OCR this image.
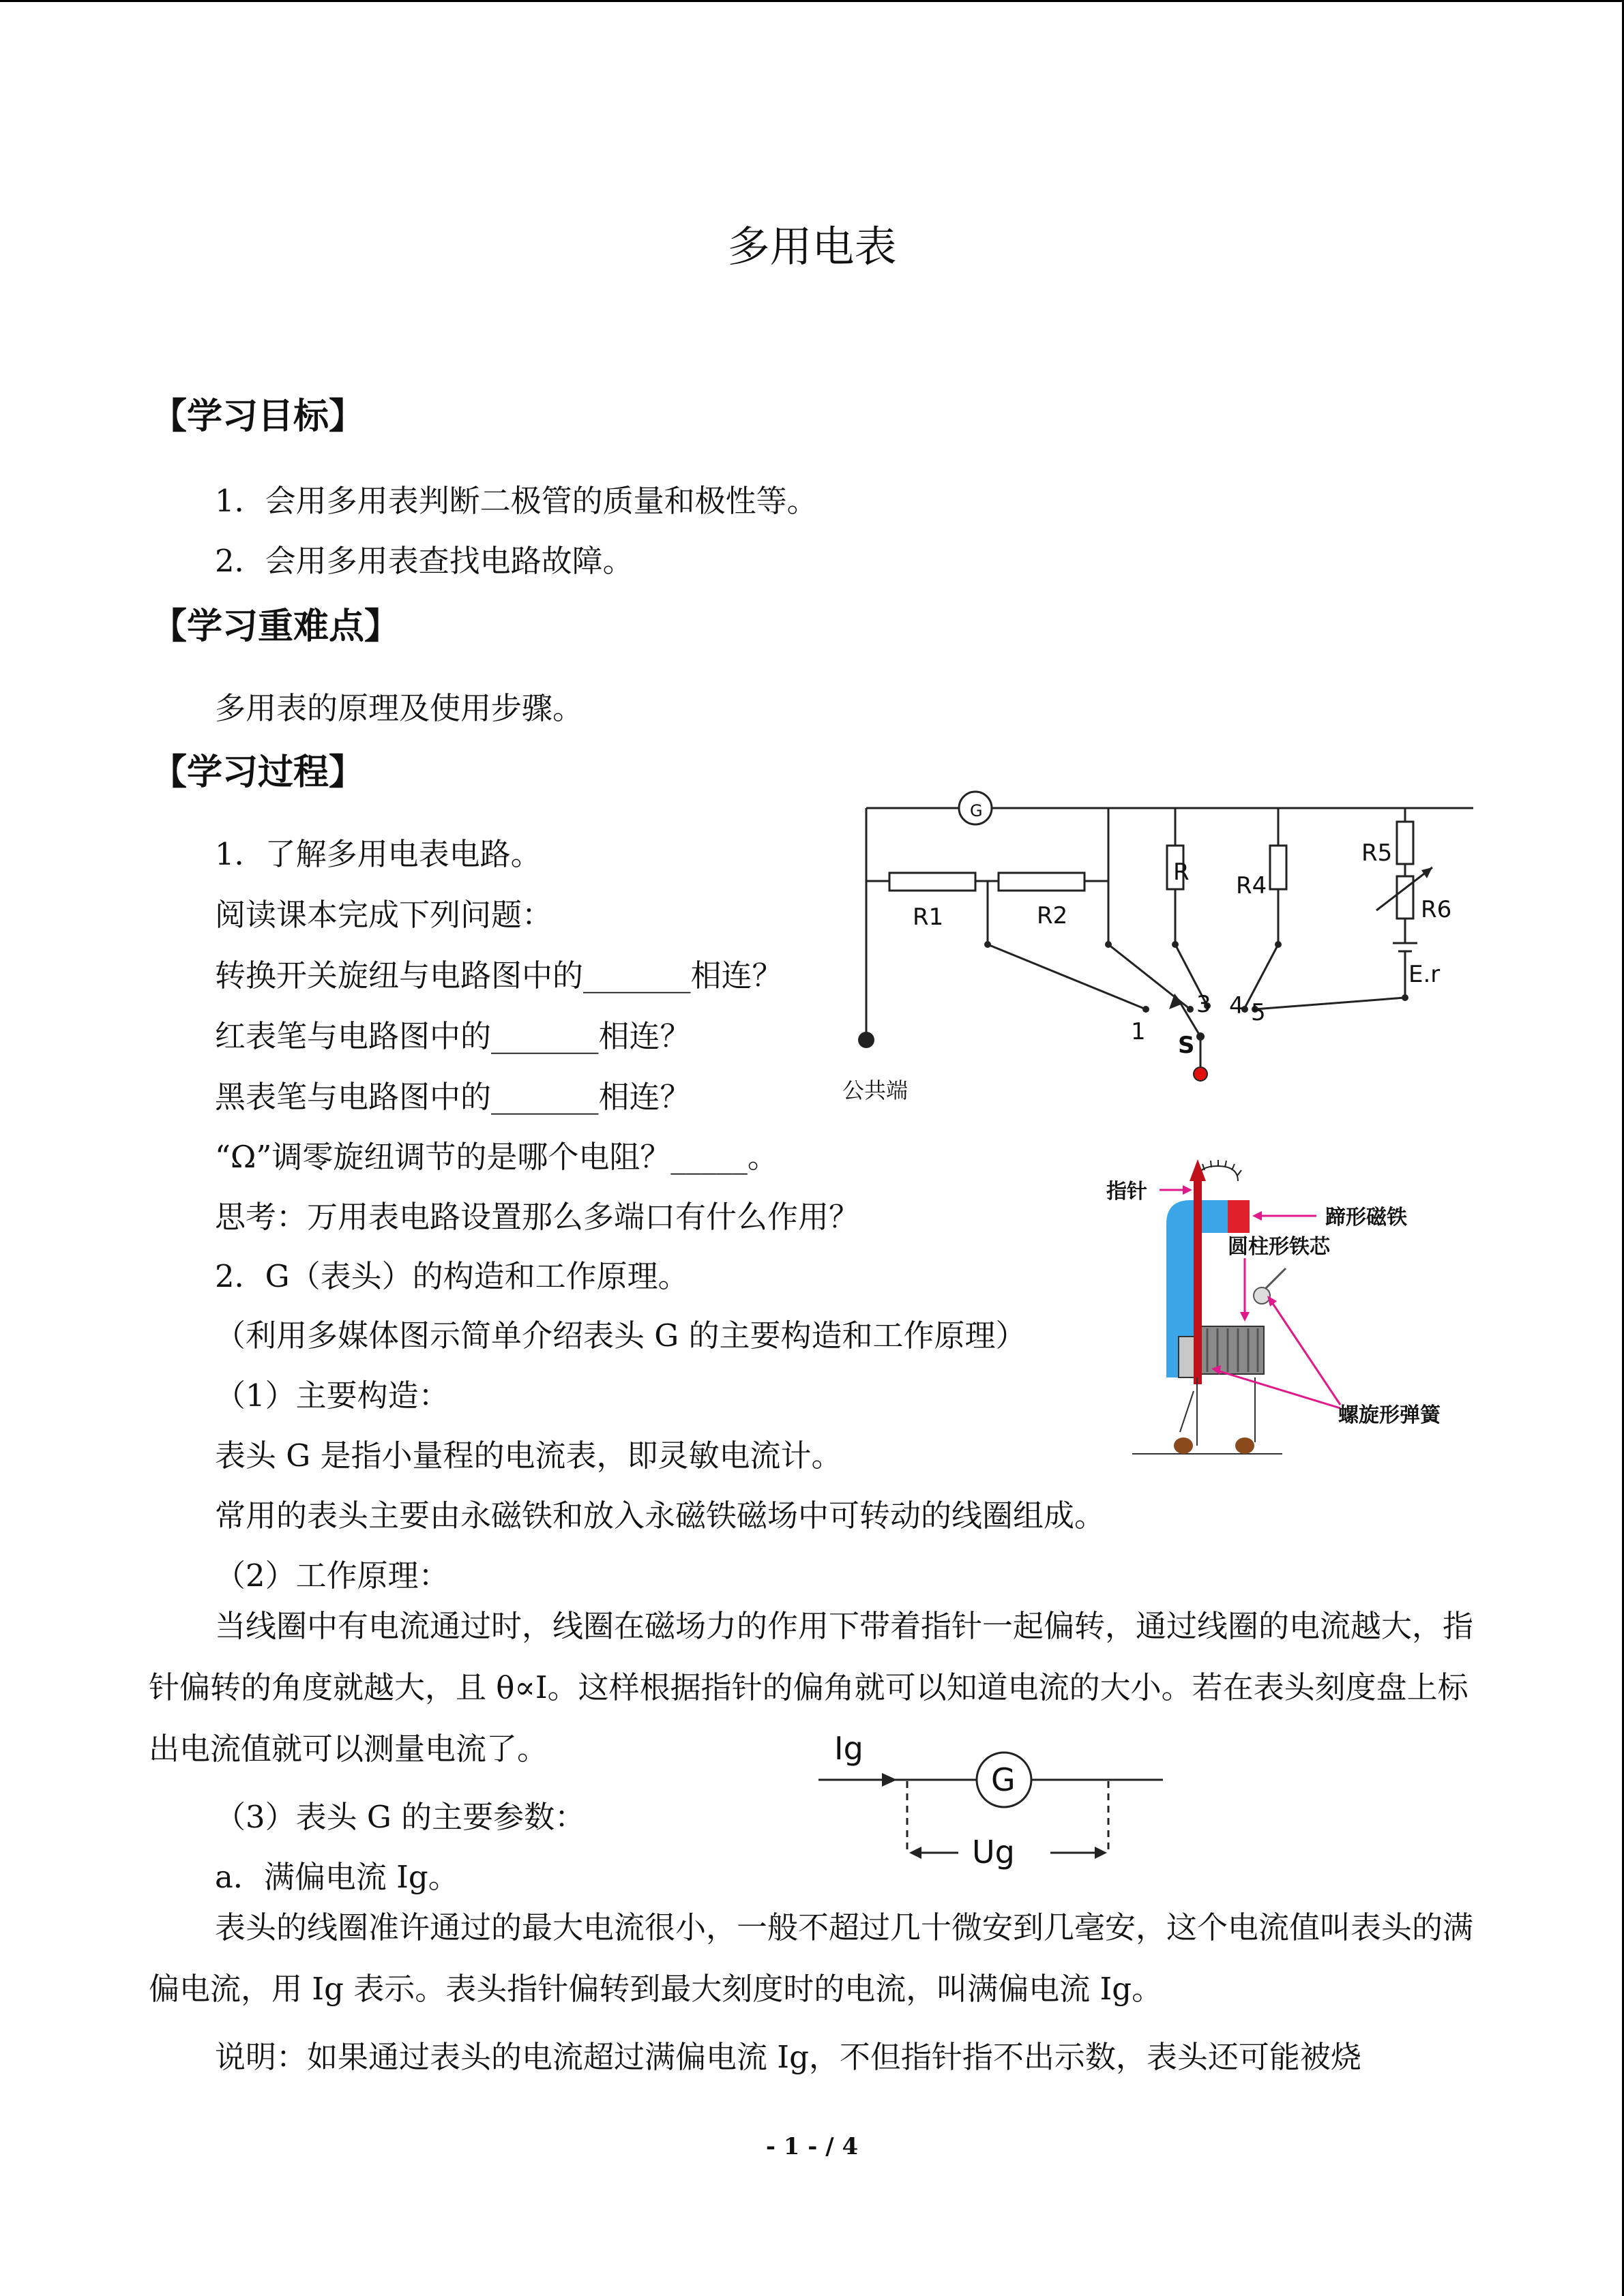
多用电表
【学习目标】
1．会用多用表判断二极管的质量和极性等。
2．会用多用表查找电路故障。
【学习重难点】
多用表的原理及使用步骤。
【学习过程】
1．了解多用电表电路。
阅读课本完成下列问题：
转换开关旋纽与电路图中的_______相连？
红表笔与电路图中的_______相连？
黑表笔与电路图中的_______相连？
“Ω”调零旋纽调节的是哪个电阻？_____。
思考：万用表电路设置那么多端口有什么作用？
2．G（表头）的构造和工作原理。
（利用多媒体图示简单介绍表头 G 的主要构造和工作原理）
（1）主要构造：
表头 G 是指小量程的电流表，即灵敏电流计。
常用的表头主要由永磁铁和放入永磁铁磁场中可转动的线圈组成。
（2）工作原理：
当线圈中有电流通过时，线圈在磁场力的作用下带着指针一起偏转，通过线圈的电流越大，指针偏转的角度就越大，且 θ∝I。这样根据指针的偏角就可以知道电流的大小。若在表头刻度盘上标出电流值就可以测量电流了。
（3）表头 G 的主要参数：
a．满偏电流 Ig。
表头的线圈准许通过的最大电流很小，一般不超过几十微安到几毫安，这个电流值叫表头的满偏电流，用 Ig 表示。表头指针偏转到最大刻度时的电流，叫满偏电流 Ig。
说明：如果通过表头的电流超过满偏电流 Ig，不但指针指不出示数，表头还可能被烧
G
R1	R2
R R4
R5
R6
E.r
1
3 4 5
S
公共端
指针
蹄形磁铁
圆柱形铁芯
螺旋形弹簧
Ig
G
Ug
- 1 - / 4
